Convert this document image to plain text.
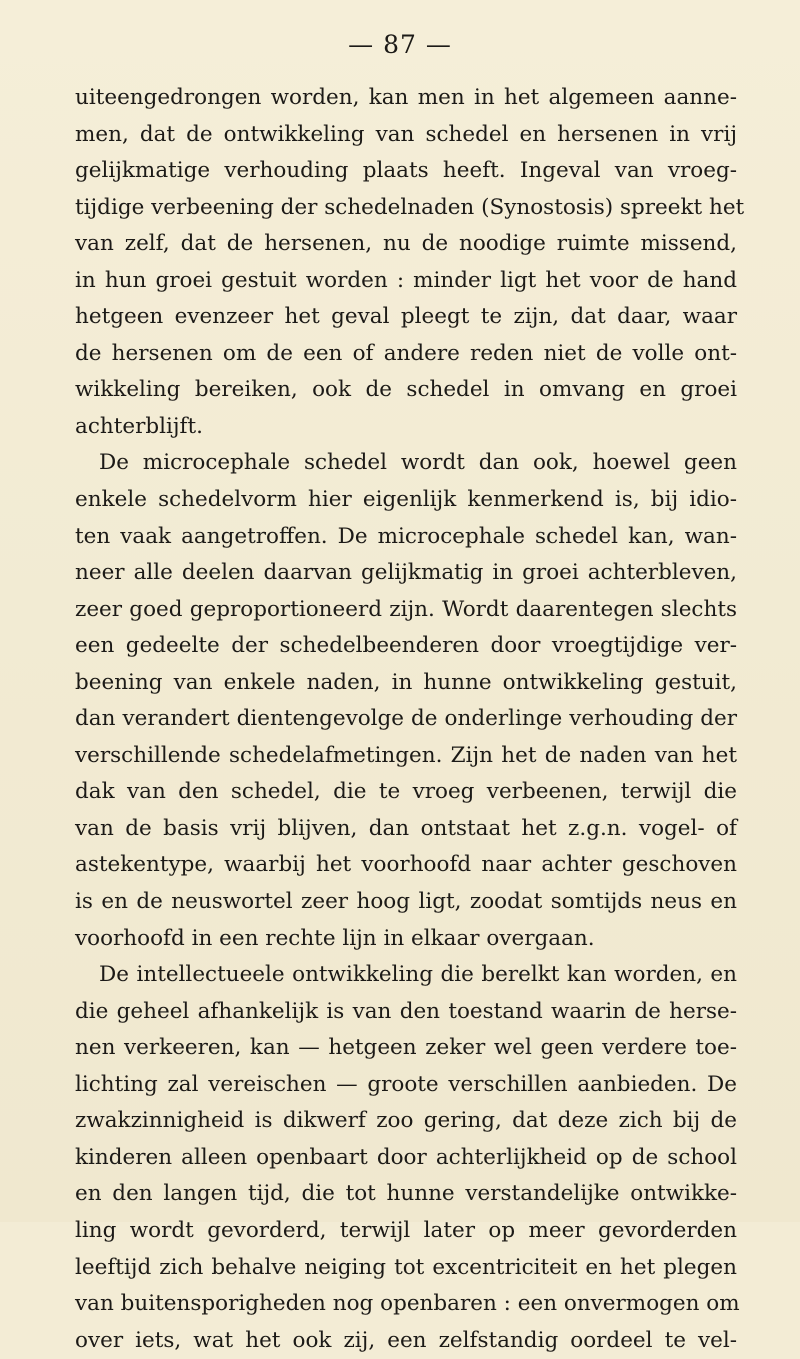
— 87 —
uiteengedrongen worden, kan men in het algemeen aanne-
men, dat de ontwikkeling van schedel en hersenen in vrij
gelijkmatige verhouding plaats heeft. Ingeval van vroeg-
tijdige verbeening der schedelnaden (Synostosis) spreekt het
van zelf, dat de hersenen, nu de noodige ruimte missend,
in hun groei gestuit worden : minder ligt het voor de hand
hetgeen evenzeer het geval pleegt te zijn, dat daar, waar
de hersenen om de een of andere reden niet de volle ont-
wikkeling bereiken, ook de schedel in omvang en groei
achterblijft.
De microcephale schedel wordt dan ook, hoewel geen
enkele schedelvorm hier eigenlijk kenmerkend is, bij idio-
ten vaak aangetroffen. De microcephale schedel kan, wan-
neer alle deelen daarvan gelijkmatig in groei achterbleven,
zeer goed geproportioneerd zijn. Wordt daarentegen slechts
een gedeelte der schedelbeenderen door vroegtijdige ver-
beening van enkele naden, in hunne ontwikkeling gestuit,
dan verandert dientengevolge de onderlinge verhouding der
verschillende schedelafmetingen. Zijn het de naden van het
dak van den schedel, die te vroeg verbeenen, terwijl die
van de basis vrij blijven, dan ontstaat het z.g.n. vogel- of
astekentype, waarbij het voorhoofd naar achter geschoven
is en de neuswortel zeer hoog ligt, zoodat somtijds neus en
voorhoofd in een rechte lijn in elkaar overgaan.
De intellectueele ontwikkeling die berelkt kan worden, en
die geheel afhankelijk is van den toestand waarin de herse-
nen verkeeren, kan — hetgeen zeker wel geen verdere toe-
lichting zal vereischen — groote verschillen aanbieden. De
zwakzinnigheid is dikwerf zoo gering, dat deze zich bij de
kinderen alleen openbaart door achterlijkheid op de school
en den langen tijd, die tot hunne verstandelijke ontwikke-
ling wordt gevorderd, terwijl later op meer gevorderden
leeftijd zich behalve neiging tot excentriciteit en het plegen
van buitensporigheden nog openbaren : een onvermogen om
over iets, wat het ook zij, een zelfstandig oordeel te vel-
